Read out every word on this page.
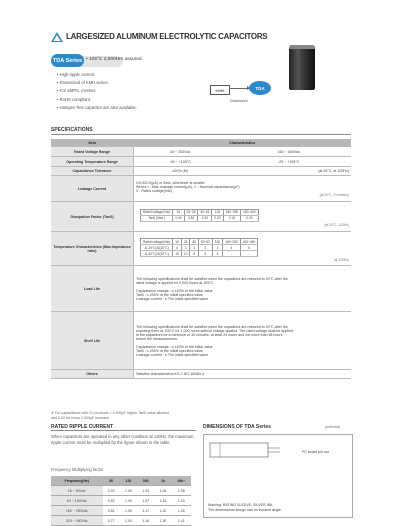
LARGESIZED ALUMINUM ELECTROLYTIC CAPACITORS
TDA Series • 105°C 2,000Hrs assured.
• High-ripple current.
• Downsized of KMH series.
• For SMPS, inverter.
• RoHS compliant.
• Halogen-free capacitor are also available.
KMH	TDA
Downsized
SPECIFICATIONS
Item	Characteristics
Rated Voltage Range	16 ~ 250Vdc	160 ~ 400Vdc
Operating Temperature Range	-40 ~ +105°C	-25 ~ +105°C
Capacitance Tolerance	±20% (M)	(at 20°C, at 120Hz)
Leakage Current	
I=0.02CV(μA) or 3mA, whichever is smaller
Where I : Max. leakage current(μA), C : Nominal capacitance(μF)
V : Rated voltage(Vdc)
(at 20°C, 5 minutes)

Dissipation Factor (Tanδ)	
Rated voltage(Vdc)	16	25~35	50~63	100	160~250	400~450
Tanδ (Max.)	0.40	0.35	0.25	0.20	0.15	0.20
(at 20°C, 120Hz)

Temperature Characteristics (Max.Impedance ratio)	
Rated voltage(Vdc)	16	25	35	50~63	100	160~250	400~450
Z(-25°C)/Z(20°C)	4	3	3	3	3	4	6
Z(-40°C)/Z(20°C)	15	10	8	5	5	-	-
(at 120Hz)

Load Life	
The following specifications shall be satisfied when the capacitors are restored to 20°C after the
rated voltage is applied for 2,000 hours at 105°C.
Capacitance change : ≤ ±20% of the initial value
Tanδ : ≤ 200% of the initial specified value
Leakage current : ≤ The initial specified value

Shelf Life	
The following specifications shall be satisfied when the capacitors are restored to 20°C after the
exposing them at 105°C for 1,000 hours without voltage applied. The rated voltage shall be applied
to the capacitors for a minimum of 30 minutes, at least 24 hours and not more than 48 hours
before the measurements.
Capacitance change : ≤ ±20% of the initial value
Tanδ : ≤ 200% of the initial specified value
Leakage current : ≤ The initial specified value

Others	Satisfies characteristics KS C IEC 60384-4
※ For capacitance with Cn products > 1,000μF, higher Tanδ value allowed.
add 0.02 for every 1,000μF increase.
RATED RIPPLE CURRENT
When capacitors are operated in any other condition at 120Hz, the maximum ripple current must be multiplied by the figure shown in the table.
Frequency Multiplying factor
Frequency(Hz)	50	120	300	1k	10k~
16 ~ 50Vdc	0.93	1.00	1.03	1.05	1.08
63 ~ 100Vdc	0.92	1.00	1.07	1.15	1.20
160 ~ 250Vdc	0.81	1.00	1.17	1.32	1.45
315 ~ 450Vdc	0.77	1.00	1.16	1.30	1.41
DIMENSIONS OF TDA Series	(unit:mm)
PC board pin out
Marking: RATING SLEEVE, SILVER INK
The dimensional design has no incident angle.
